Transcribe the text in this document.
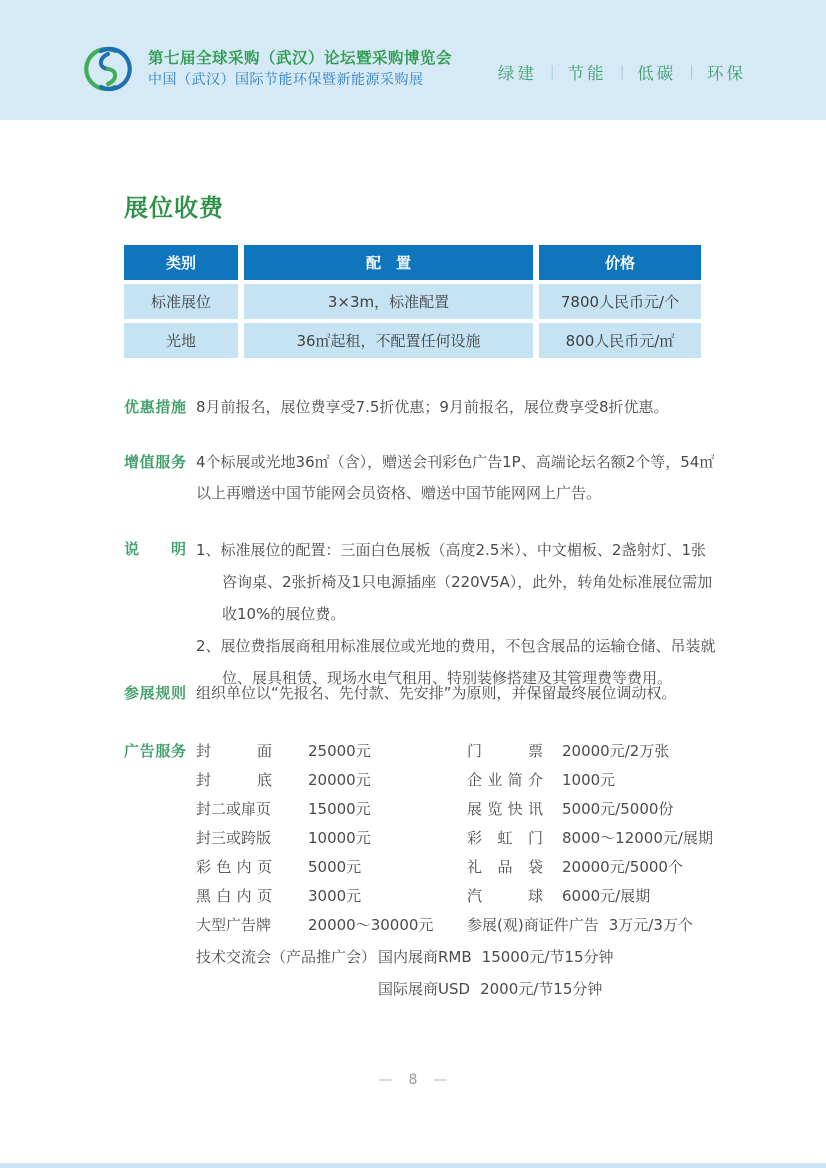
第七届全球采购（武汉）论坛暨采购博览会
中国（武汉）国际节能环保暨新能源采购展	绿建 | 节能 | 低碳 | 环保
展位收费
类别	配　置	价格
标准展位	3×3m，标准配置	7800人民币元/个
光地	36㎡起租，不配置任何设施	800人民币元/㎡
优惠措施 8月前报名，展位费享受7.5折优惠；9月前报名，展位费享受8折优惠。
增值服务 4个标展或光地36㎡（含），赠送会刊彩色广告1P、高端论坛名额2个等，54㎡以上再赠送中国节能网会员资格、赠送中国节能网网上广告。
说明 1、标准展位的配置：三面白色展板（高度2.5米）、中文楣板、2盏射灯、1张咨询桌、2张折椅及1只电源插座（220V5A），此外，转角处标准展位需加收10%的展位费。
2、展位费指展商租用标准展位或光地的费用，不包含展品的运输仓储、吊装就位、展具租赁、现场水电气租用、特别装修搭建及其管理费等费用。
参展规则 组织单位以“先报名、先付款、先安排”为原则，并保留最终展位调动权。
广告服务 封面	25000元	门票	20000元/2万张
封底	20000元	企业简介	1000元
封二或扉页	15000元	展览快讯	5000元/5000份
封三或跨版	10000元	彩虹门	8000～12000元/展期
彩色内页	5000元	礼品袋	20000元/5000个
黑白内页	3000元	汽球	6000元/展期
大型广告牌	20000～30000元	参展(观)商证件广告 3万元/3万个
技术交流会（产品推广会） 国内展商RMB 15000元/节15分钟
国际展商USD 2000元/节15分钟
— 8 —
